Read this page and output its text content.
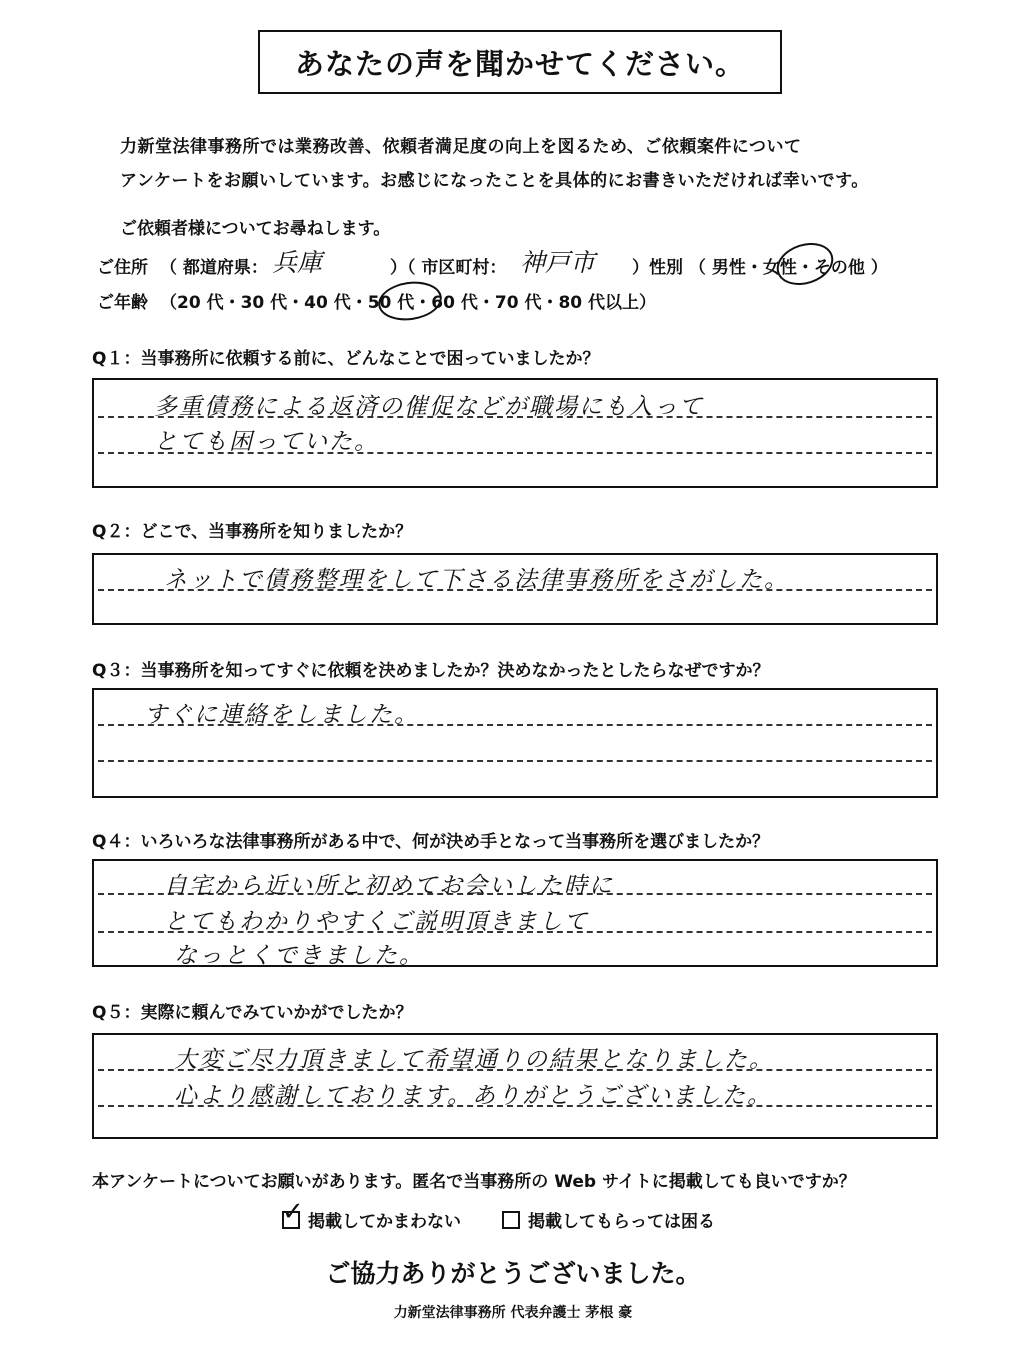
あなたの声を聞かせてください。
力新堂法律事務所では業務改善、依頼者満足度の向上を図るため、ご依頼案件について
アンケートをお願いしています。お感じになったことを具体的にお書きいただければ幸いです。
ご依頼者様についてお尋ねします。
ご住所 （ 都道府県： 兵庫	）（ 市区町村： 神戸市 ）性別 （ 男性・女性・その他 ）
ご年齢 （20 代・30 代・40 代・50 代・60 代・70 代・80 代以上）
Q１：当事務所に依頼する前に、どんなことで困っていましたか？
多重債務による返済の催促などが職場にも入って
とても困っていた。
Q２：どこで、当事務所を知りましたか？
ネットで債務整理をして下さる法律事務所をさがした。
Q３：当事務所を知ってすぐに依頼を決めましたか？決めなかったとしたらなぜですか？
すぐに連絡をしました。
Q４：いろいろな法律事務所がある中で、何が決め手となって当事務所を選びましたか？
自宅から近い所と初めてお会いした時に
とてもわかりやすくご説明頂きまして
なっとくできました。
Q５：実際に頼んでみていかがでしたか？
大変ご尽力頂きまして希望通りの結果となりました。
心より感謝しております。ありがとうございました。
本アンケートについてお願いがあります。匿名で当事務所の Web サイトに掲載しても良いですか？
✓ 掲載してかまわない	掲載してもらっては困る
ご協力ありがとうございました。
力新堂法律事務所 代表弁護士 茅根 豪
